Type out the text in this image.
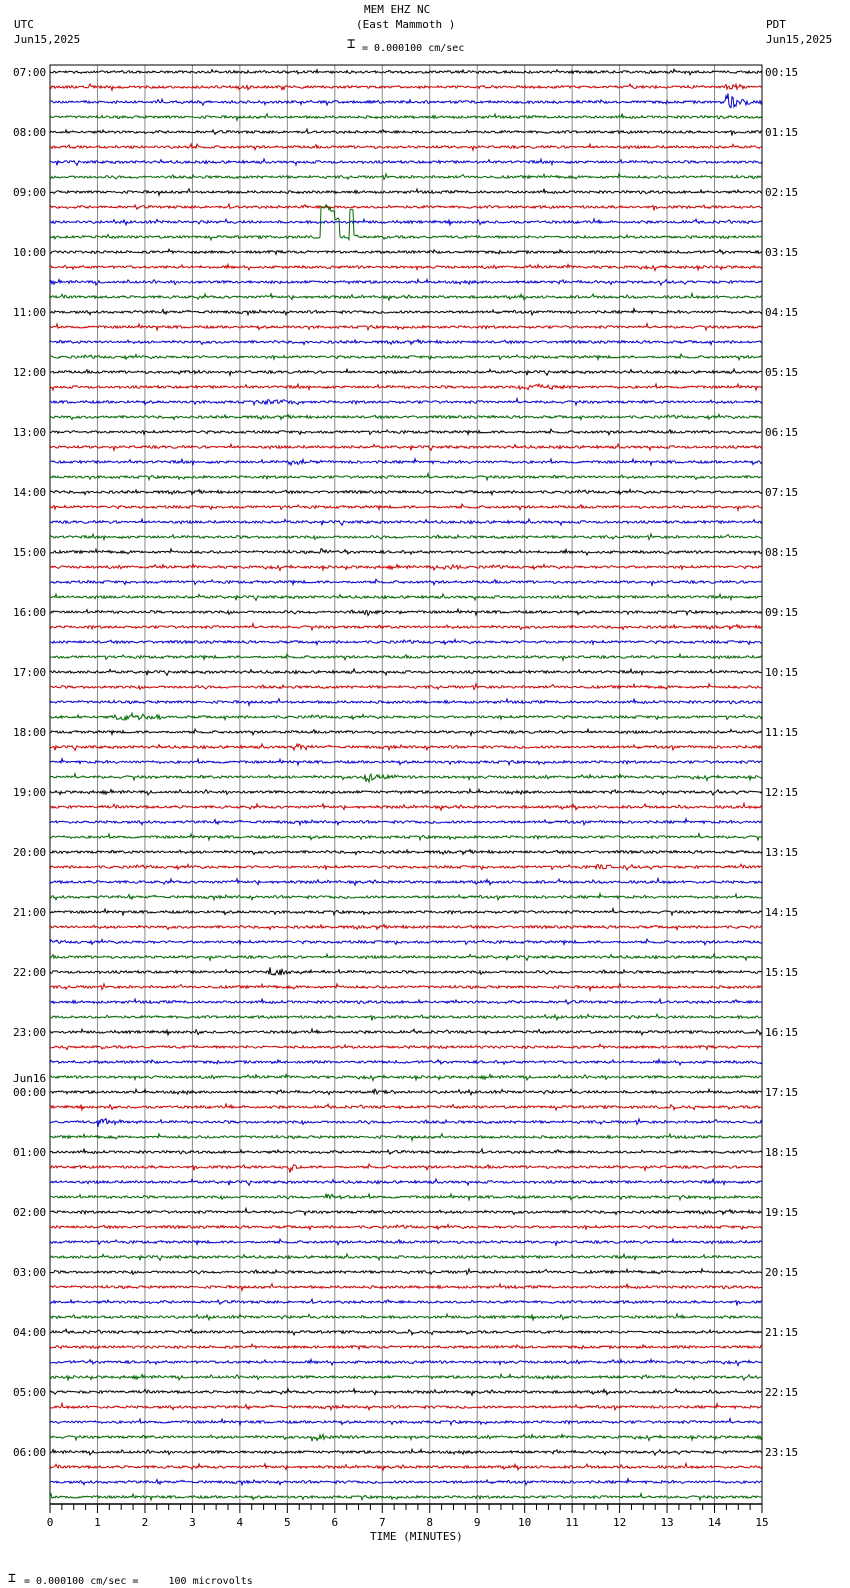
MEM EHZ NC
(East Mammoth )
UTC
Jun15,2025
PDT
Jun15,2025
⌶ = 0.000100 cm/sec
07:00
08:00
09:00
10:00
11:00
12:00
13:00
14:00
15:00
16:00
17:00
18:00
19:00
20:00
21:00
22:00
23:00
00:00
01:00
02:00
03:00
04:00
05:00
06:00
00:15
01:15
02:15
03:15
04:15
05:15
06:15
07:15
08:15
09:15
10:15
11:15
12:15
13:15
14:15
15:15
16:15
17:15
18:15
19:15
20:15
21:15
22:15
23:15
Jun16
0	1	2	3	4	5	6	7	8	9	10	11	12	13	14	15
TIME (MINUTES)
⌶ = 0.000100 cm/sec =     100 microvolts
